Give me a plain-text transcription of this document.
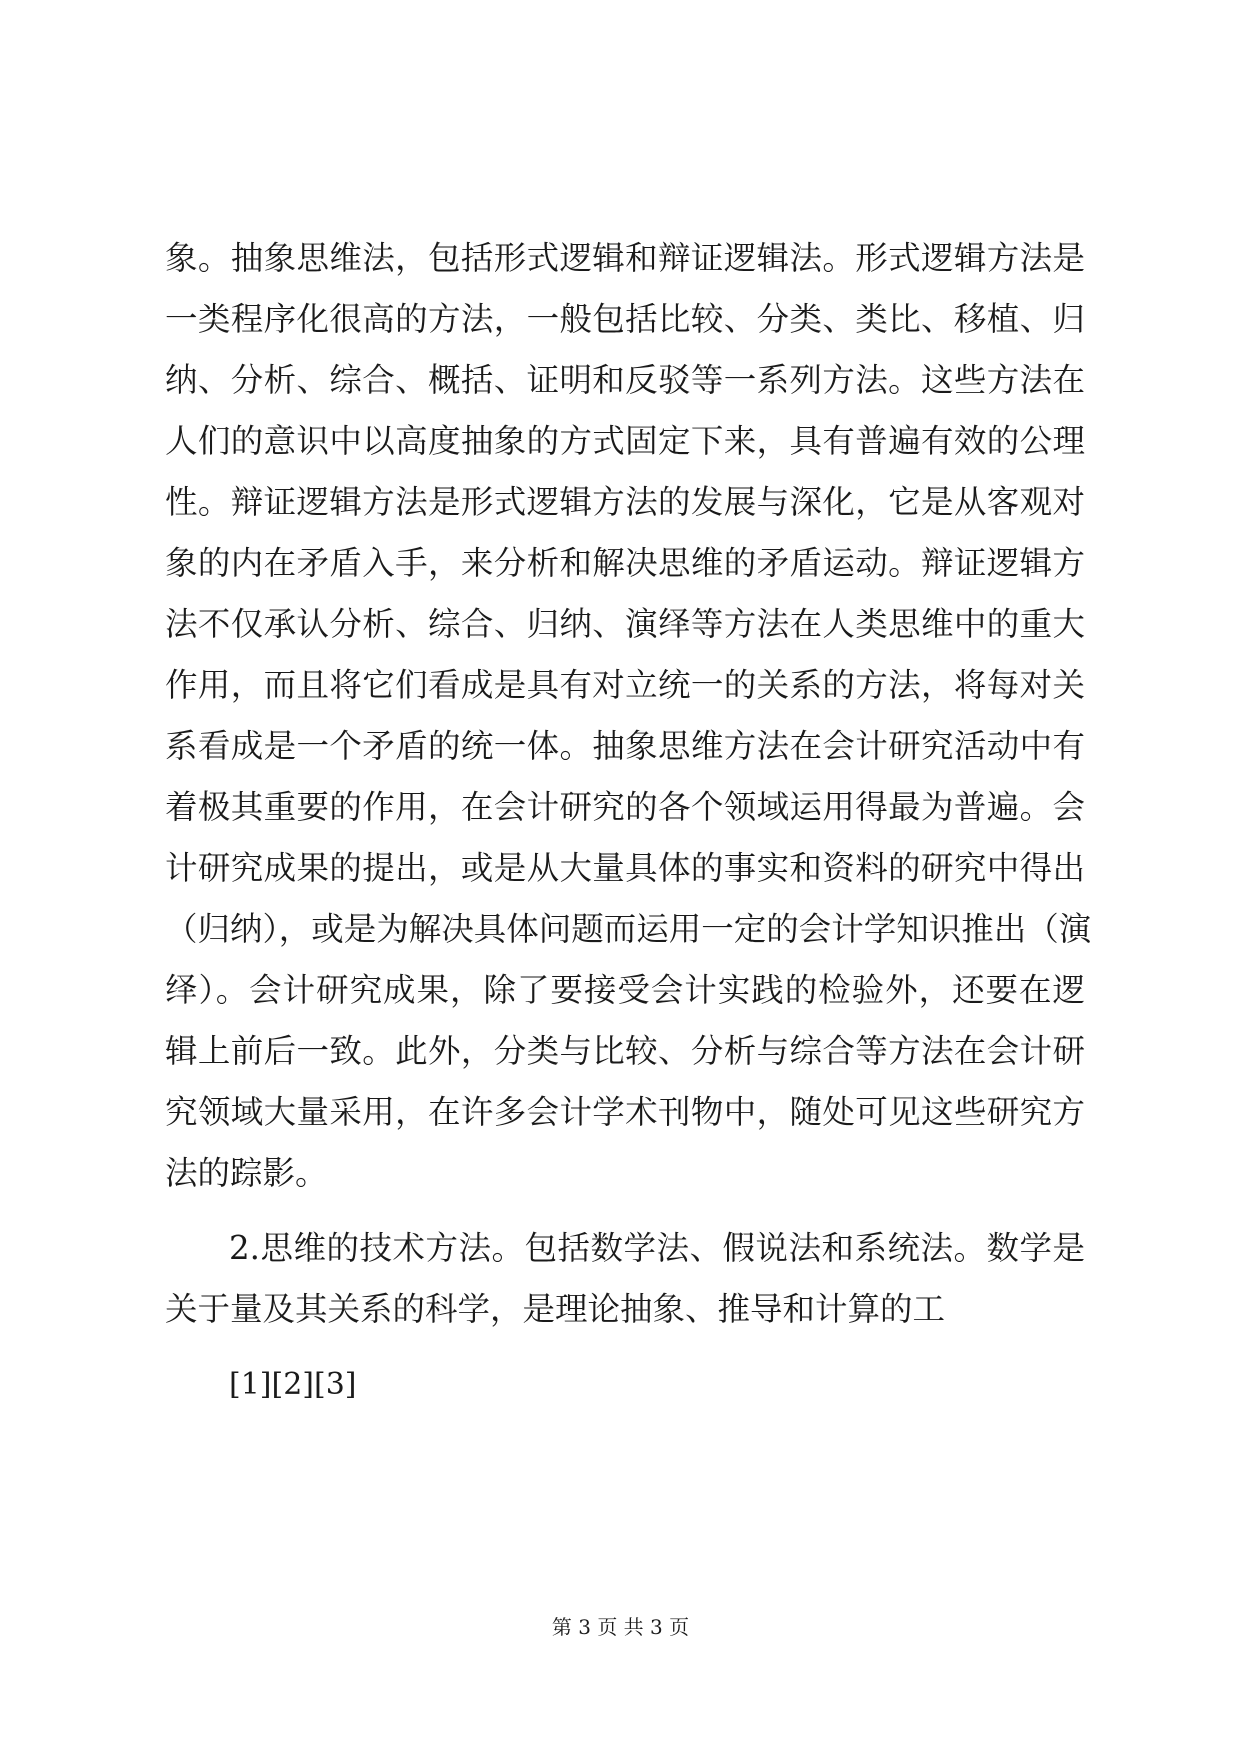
象。抽象思维法，包括形式逻辑和辩证逻辑法。形式逻辑方法是
一类程序化很高的方法，一般包括比较、分类、类比、移植、归
纳、分析、综合、概括、证明和反驳等一系列方法。这些方法在
人们的意识中以高度抽象的方式固定下来，具有普遍有效的公理
性。辩证逻辑方法是形式逻辑方法的发展与深化，它是从客观对
象的内在矛盾入手，来分析和解决思维的矛盾运动。辩证逻辑方
法不仅承认分析、综合、归纳、演绎等方法在人类思维中的重大
作用，而且将它们看成是具有对立统一的关系的方法，将每对关
系看成是一个矛盾的统一体。抽象思维方法在会计研究活动中有
着极其重要的作用，在会计研究的各个领域运用得最为普遍。会
计研究成果的提出，或是从大量具体的事实和资料的研究中得出
（归纳），或是为解决具体问题而运用一定的会计学知识推出（演
绎）。会计研究成果，除了要接受会计实践的检验外，还要在逻
辑上前后一致。此外，分类与比较、分析与综合等方法在会计研
究领域大量采用，在许多会计学术刊物中，随处可见这些研究方
法的踪影。
2.思维的技术方法。包括数学法、假说法和系统法。数学是
关于量及其关系的科学，是理论抽象、推导和计算的工
[1][2][3]
第 3 页 共 3 页
